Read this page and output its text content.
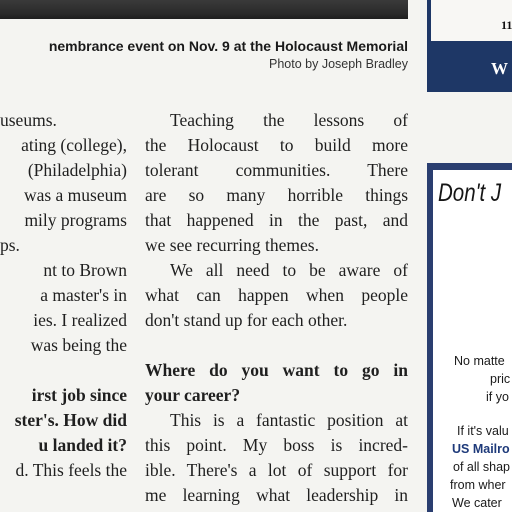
nembrance event on Nov. 9 at the Holocaust Memorial
Photo by Joseph Bradley
useums.
ating (college),
(Philadelphia)
was a museum
mily programs
ps.
nt to Brown
a master's in
ies. I realized
was being the
irst job since
ster's. How did
u landed it?
d. This feels the
Teaching the lessons of
the Holocaust to build more
tolerant communities. There
are so many horrible things
that happened in the past, and
we see recurring themes.
We all need to be aware of
what can happen when people
don't stand up for each other.
Where do you want to go in
your career?
This is a fantastic position at
this point. My boss is incred-
ible. There's a lot of support for
me learning what leadership in
11
W
Don't J
No matte
pric
if yo
If it's valu
US Mailro
of all shap
from wher
We cater
